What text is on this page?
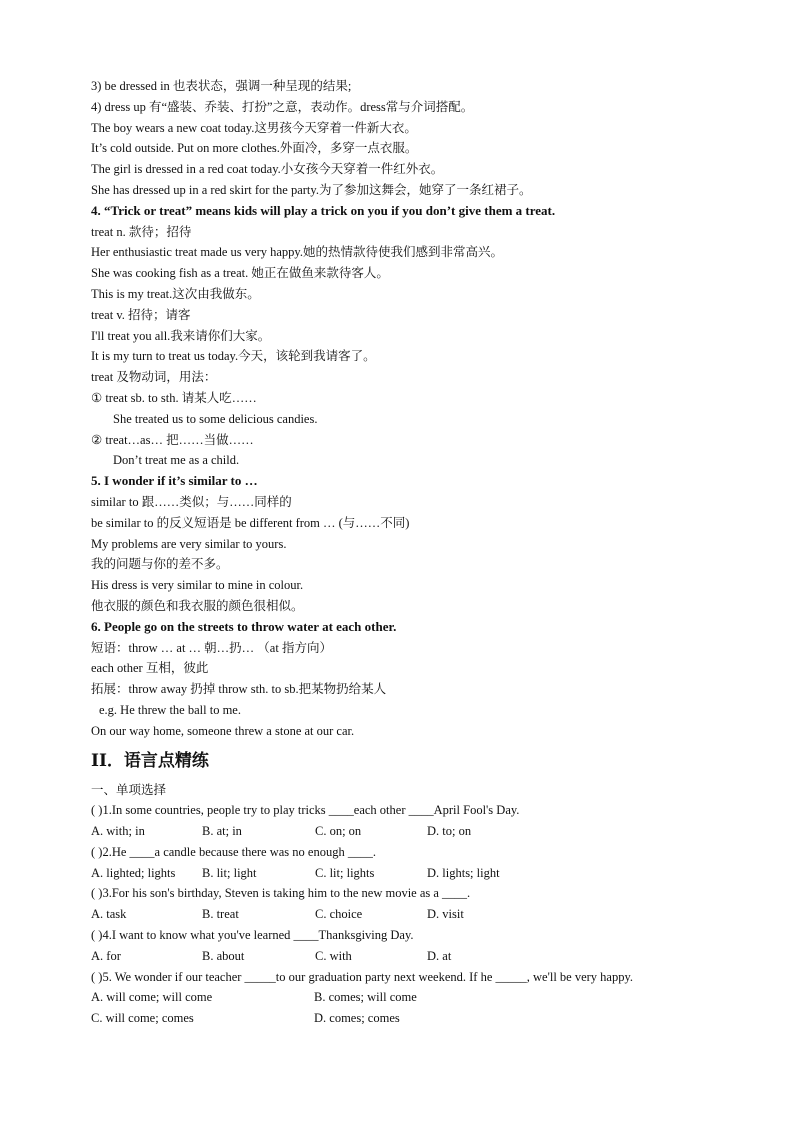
3) be dressed in 也表状态，强调一种呈现的结果;
4) dress up 有“盛装、乔装、打扮”之意，表动作。dress常与介词搭配。
The boy wears a new coat today.这男孩今天穿着一件新大衣。
It’s cold outside. Put on more clothes.外面冷，多穿一点衣服。
The girl is dressed in a red coat today.小女孩今天穿着一件红外衣。
She has dressed up in a red skirt for the party.为了参加这舞会，她穿了一条红裙子。
4. “Trick or treat” means kids will play a trick on you if you don’t give them a treat.
treat n. 款待；招待
Her enthusiastic treat made us very happy.她的热情款待使我们感到非常高兴。
She was cooking fish as a treat. 她正在做鱼来款待客人。
This is my treat.这次由我做东。
treat v. 招待；请客
I'll treat you all.我来请你们大家。
It is my turn to treat us today.今天，该轮到我请客了。
treat 及物动词，用法：
① treat sb. to sth. 请某人吃……
She treated us to some delicious candies.
② treat…as… 把……当做……
Don’t treat me as a child.
5. I wonder if it’s similar to …
similar to 跟……类似；与……同样的
be similar to 的反义短语是 be different from … (与……不同)
My problems are very similar to yours.
我的问题与你的差不多。
His dress is very similar to mine in colour.
他衣服的颜色和我衣服的颜色很相似。
6. People go on the streets to throw water at each other.
短语：throw … at … 朝…扔… （at 指方向）
each other 互相，彼此
拓展：throw away 扔掉 throw sth. to sb.把某物扔给某人
e.g. He threw the ball to me.
On our way home, someone threw a stone at our car.
II．语言点精练
一、单项选择
( )1.In some countries, people try to play tricks ____each other ____April Fool's Day.
A. with; in	B. at; in	C. on; on	D. to; on
( )2.He ____a candle because there was no enough ____.
A. lighted; lights	B. lit; light	C. lit; lights	D. lights; light
( )3.For his son's birthday, Steven is taking him to the new movie as a ____.
A. task	B. treat	C. choice	D. visit
( )4.I want to know what you've learned ____Thanksgiving Day.
A. for	B. about	C. with	D. at
( )5. We wonder if our teacher _____to our graduation party next weekend. If he _____, we'll be very happy.
A. will come; will come	B. comes; will come
C. will come; comes	D. comes; comes
